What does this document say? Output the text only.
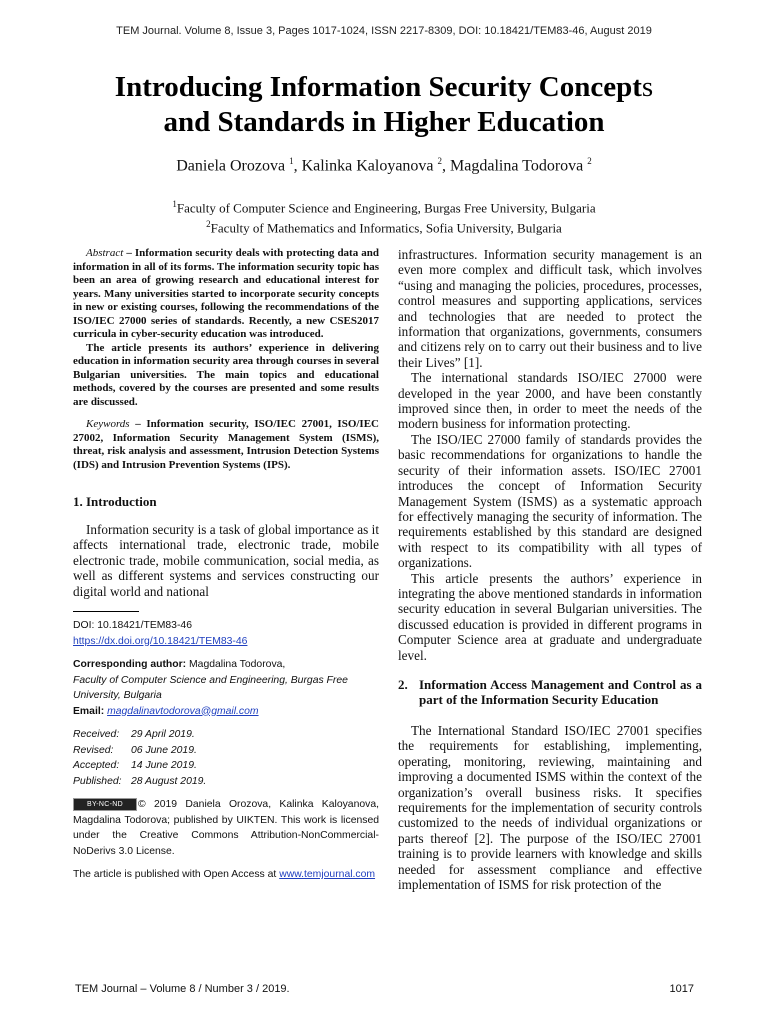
TEM Journal. Volume 8, Issue 3, Pages 1017-1024, ISSN 2217-8309, DOI: 10.18421/TEM83-46, August 2019
Introducing Information Security Concepts
and Standards in Higher Education
Daniela Orozova $^1$, Kalinka Kaloyanova $^2$, Magdalina Todorova $^2$
$^1$Faculty of Computer Science and Engineering, Burgas Free University, Bulgaria
$^2$Faculty of Mathematics and Informatics, Sofia University, Bulgaria

Abstract – Information security deals with protecting data and information in all of its forms. The information security topic has been an area of growing research and educational interest for years. Many universities started to incorporate security concepts in new or existing courses, following the recommendations of the ISO/IEC 27000 series of standards. Recently, a new CSES2017 curricula in cyber-security education was introduced.

The article presents its authors’ experience in delivering education in information security area through courses in several Bulgarian universities. The main topics and educational methods, covered by the courses are presented and some results are discussed.

Keywords – Information security, ISO/IEC 27001, ISO/IEC 27002, Information Security Management System (ISMS), threat, risk analysis and assessment, Intrusion Detection Systems (IDS) and Intrusion Prevention Systems (IPS).

1. Introduction

Information security is a task of global importance as it affects international trade, electronic trade, mobile electronic trade, mobile communication, social media, as well as different systems and services constructing our digital world and national

DOI: 10.18421/TEM83-46
https://dx.doi.org/10.18421/TEM83-46
Corresponding author: Magdalina Todorova,
Faculty of Computer Science and Engineering, Burgas Free University, Bulgaria
Email: magdalinavtodorova@gmail.com
Received:	29 April 2019.
Revised:	06 June 2019.
Accepted:	14 June 2019.
Published: 28 August 2019.
BY-NC-ND © 2019 Daniela Orozova, Kalinka Kaloyanova, Magdalina Todorova; published by UIKTEN. This work is licensed under the Creative Commons Attribution-NonCommercial-NoDerivs 3.0 License.
The article is published with Open Access at www.temjournal.com

infrastructures. Information security management is an even more complex and difficult task, which involves “using and managing the policies, procedures, processes, control measures and supporting applications, services and technologies that are needed to protect the information that organizations, governments, consumers and citizens rely on to carry out their business and to live their Lives” [1].

The international standards ISO/IEC 27000 were developed in the year 2000, and have been constantly improved since then, in order to meet the needs of the modern business for information protecting.

The ISO/IEC 27000 family of standards provides the basic recommendations for organizations to handle the security of their information assets. ISO/IEC 27001 introduces the concept of Information Security Management System (ISMS) as a systematic approach for effectively managing the security of information. The requirements established by this standard are designed with respect to its compatibility with all types of organizations.

This article presents the authors’ experience in integrating the above mentioned standards in information security education in several Bulgarian universities. The discussed education is provided in different programs in Computer Science area at graduate and undergraduate level.

2. Information Access Management and Control as a part of the Information Security Education

The International Standard ISO/IEC 27001 specifies the requirements for establishing, implementing, operating, monitoring, reviewing, maintaining and improving a documented ISMS within the context of the organization’s overall business risks. It specifies requirements for the implementation of security controls customized to the needs of individual organizations or parts thereof [2]. The purpose of the ISO/IEC 27001 training is to provide learners with knowledge and skills needed for assessment compliance and effective implementation of ISMS for risk protection of the

TEM Journal – Volume 8 / Number 3 / 2019.	1017
